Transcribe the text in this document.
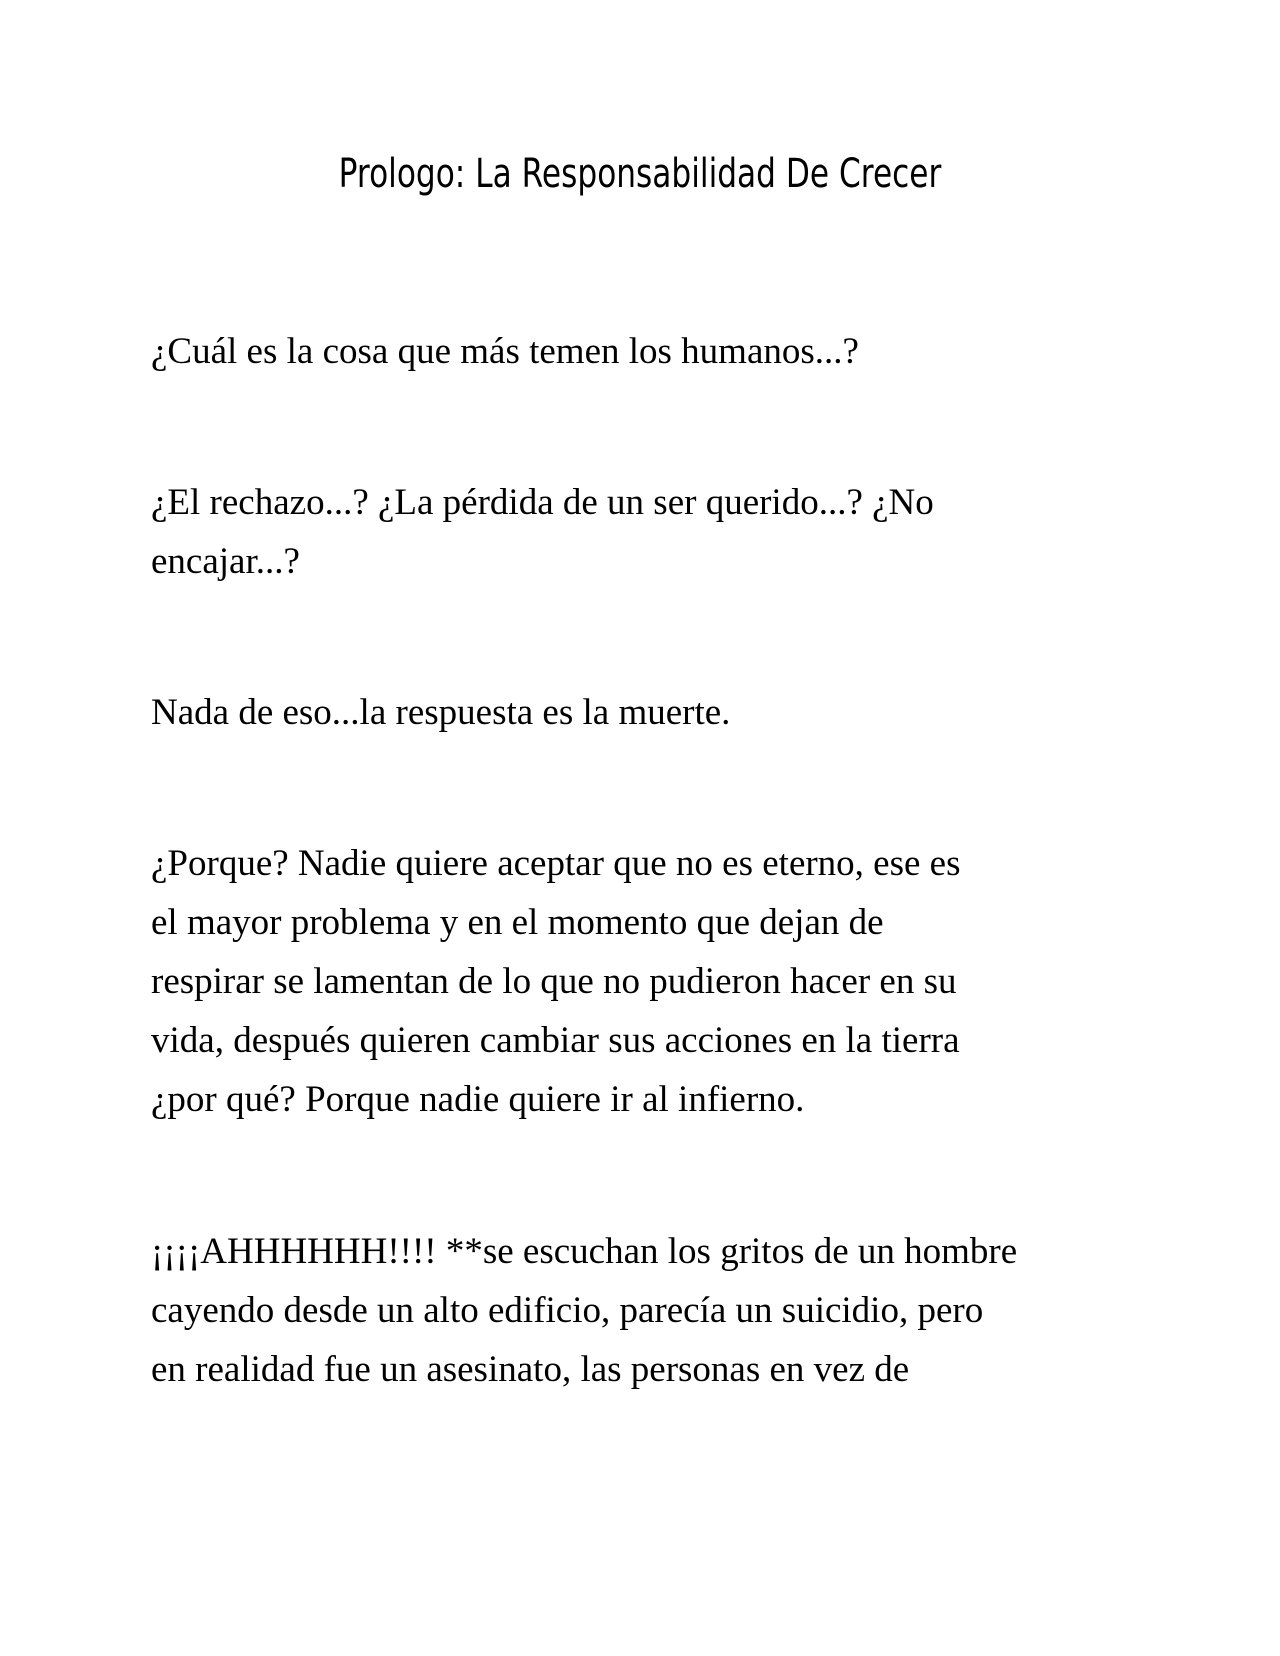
Prologo: La Responsabilidad De Crecer

¿Cuál es la cosa que más temen los humanos...?

¿El rechazo...? ¿La pérdida de un ser querido...? ¿No
encajar...?

Nada de eso...la respuesta es la muerte.

¿Porque? Nadie quiere aceptar que no es eterno, ese es
el mayor problema y en el momento que dejan de
respirar se lamentan de lo que no pudieron hacer en su
vida, después quieren cambiar sus acciones en la tierra
¿por qué? Porque nadie quiere ir al infierno.

¡¡¡¡AHHHHHH!!!! **se escuchan los gritos de un hombre
cayendo desde un alto edificio, parecía un suicidio, pero
en realidad fue un asesinato, las personas en vez de
